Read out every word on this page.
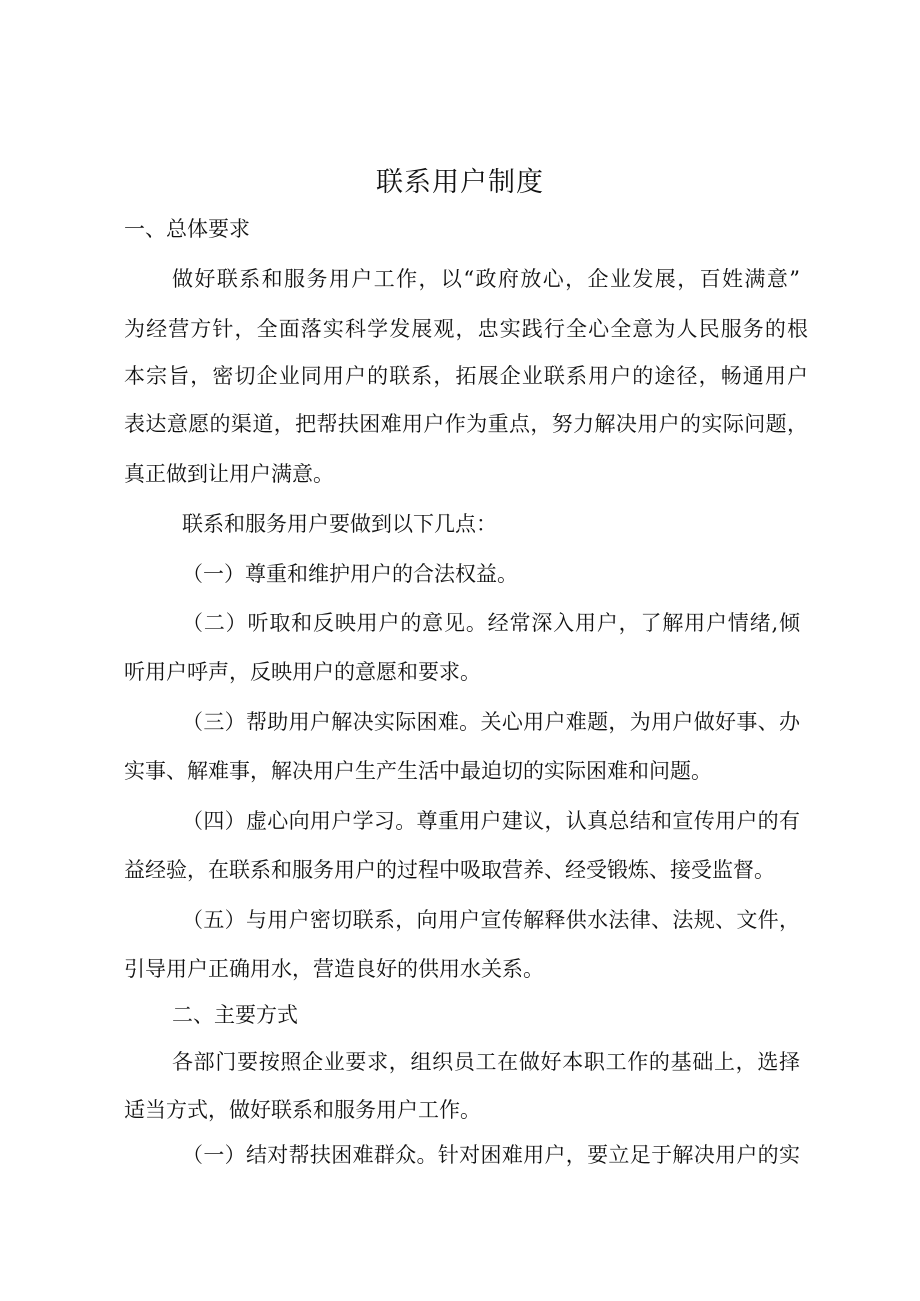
联系用户制度
一、总体要求
做好联系和服务用户工作，以“政府放心，企业发展，百姓满意”
为经营方针，全面落实科学发展观，忠实践行全心全意为人民服务的根
本宗旨，密切企业同用户的联系，拓展企业联系用户的途径，畅通用户
表达意愿的渠道，把帮扶困难用户作为重点，努力解决用户的实际问题，
真正做到让用户满意。
联系和服务用户要做到以下几点：
（一）尊重和维护用户的合法权益。
（二）听取和反映用户的意见。经常深入用户，了解用户情绪,倾
听用户呼声，反映用户的意愿和要求。
（三）帮助用户解决实际困难。关心用户难题，为用户做好事、办
实事、解难事，解决用户生产生活中最迫切的实际困难和问题。
（四）虚心向用户学习。尊重用户建议，认真总结和宣传用户的有
益经验，在联系和服务用户的过程中吸取营养、经受锻炼、接受监督。
（五）与用户密切联系，向用户宣传解释供水法律、法规、文件，
引导用户正确用水，营造良好的供用水关系。
二、主要方式
各部门要按照企业要求，组织员工在做好本职工作的基础上，选择
适当方式，做好联系和服务用户工作。
（一）结对帮扶困难群众。针对困难用户，要立足于解决用户的实
